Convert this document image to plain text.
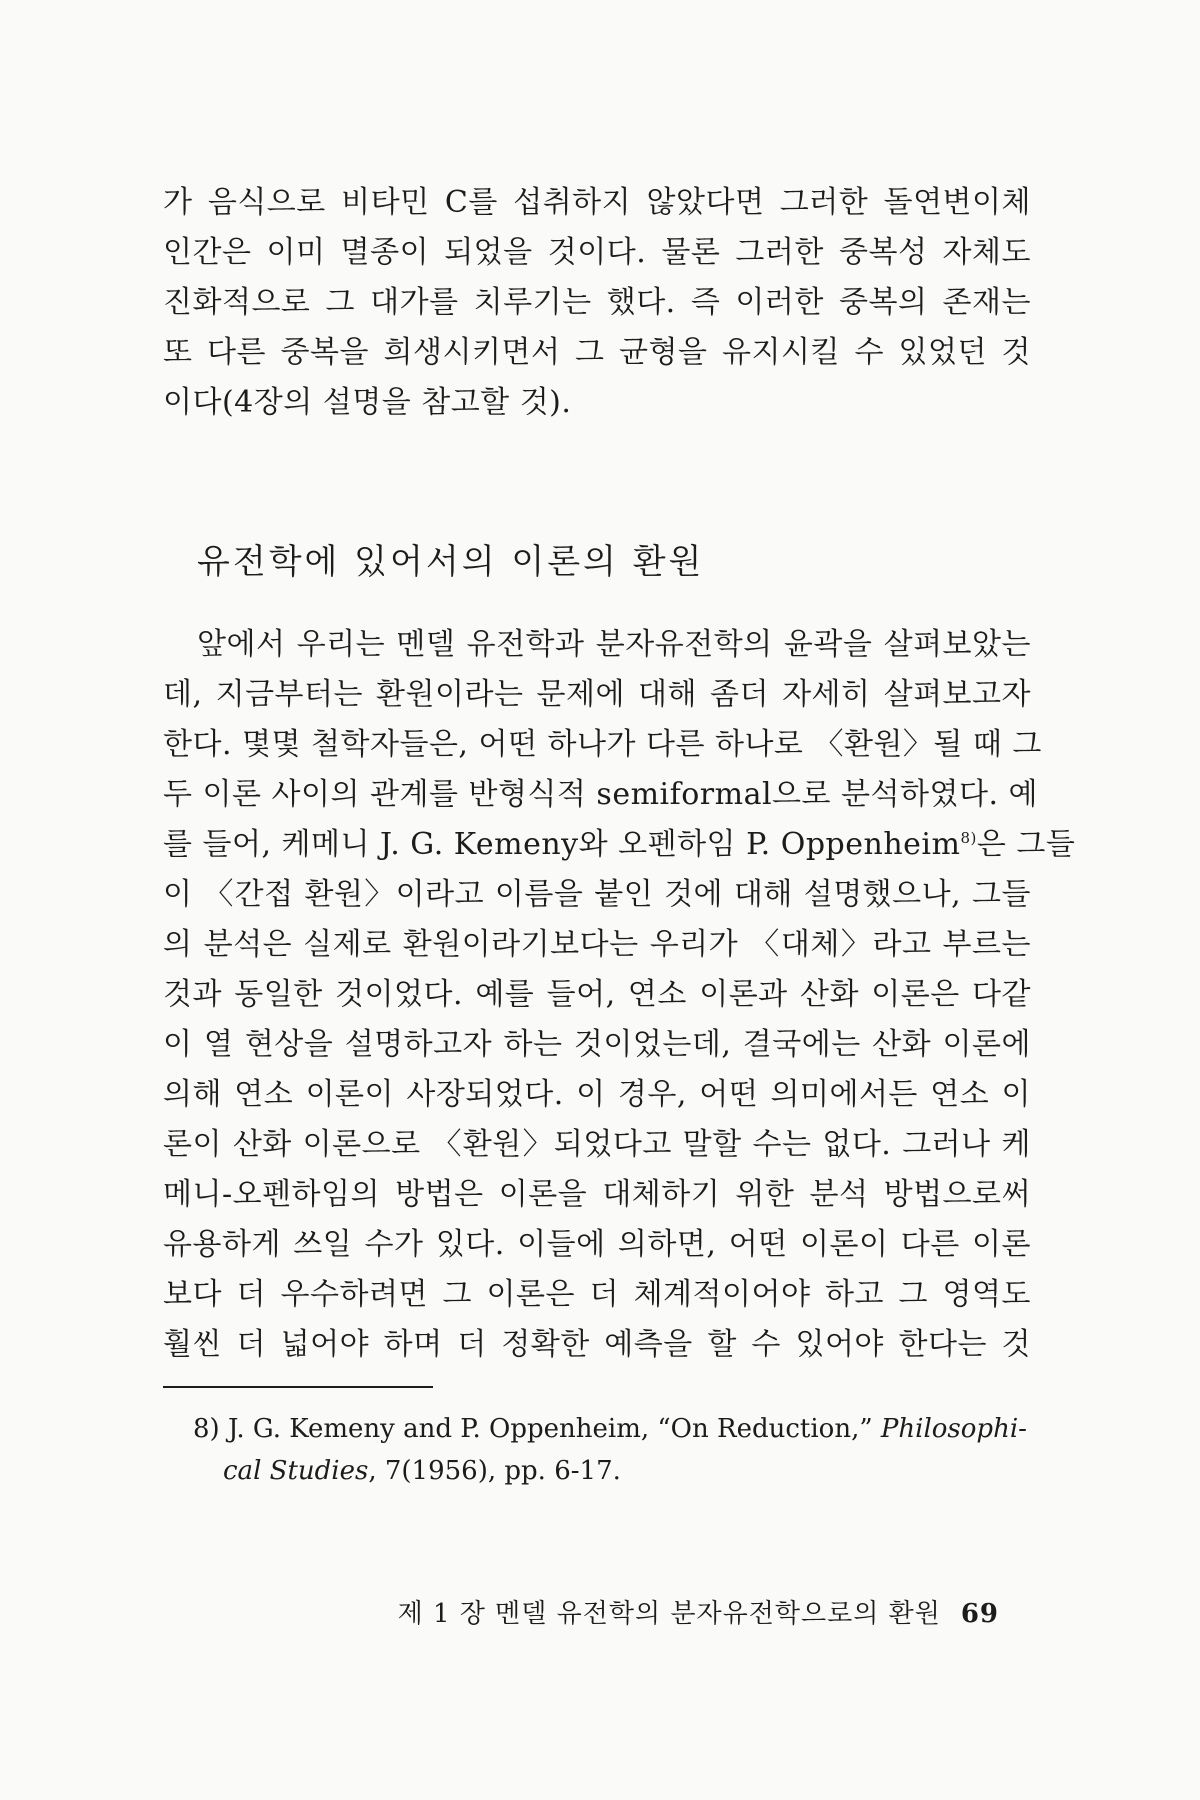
가 음식으로 비타민 C를 섭취하지 않았다면 그러한 돌연변이체
인간은 이미 멸종이 되었을 것이다. 물론 그러한 중복성 자체도
진화적으로 그 대가를 치루기는 했다. 즉 이러한 중복의 존재는
또 다른 중복을 희생시키면서 그 균형을 유지시킬 수 있었던 것
이다(4장의 설명을 참고할 것).
유전학에 있어서의 이론의 환원
앞에서 우리는 멘델 유전학과 분자유전학의 윤곽을 살펴보았는
데, 지금부터는 환원이라는 문제에 대해 좀더 자세히 살펴보고자
한다. 몇몇 철학자들은, 어떤 하나가 다른 하나로 〈환원〉될 때 그
두 이론 사이의 관계를 반형식적 semiformal으로 분석하였다. 예
를 들어, 케메니 J. G. Kemeny와 오펜하임 P. Oppenheim$^{8)}$은 그들
이 〈간접 환원〉이라고 이름을 붙인 것에 대해 설명했으나, 그들
의 분석은 실제로 환원이라기보다는 우리가 〈대체〉라고 부르는
것과 동일한 것이었다. 예를 들어, 연소 이론과 산화 이론은 다같
이 열 현상을 설명하고자 하는 것이었는데, 결국에는 산화 이론에
의해 연소 이론이 사장되었다. 이 경우, 어떤 의미에서든 연소 이
론이 산화 이론으로 〈환원〉되었다고 말할 수는 없다. 그러나 케
메니-오펜하임의 방법은 이론을 대체하기 위한 분석 방법으로써
유용하게 쓰일 수가 있다. 이들에 의하면, 어떤 이론이 다른 이론
보다 더 우수하려면 그 이론은 더 체계적이어야 하고 그 영역도
훨씬 더 넓어야 하며 더 정확한 예측을 할 수 있어야 한다는 것
8) J. G. Kemeny and P. Oppenheim, “On Reduction,” Philosophi-
cal Studies, 7(1956), pp. 6-17.
제 1 장 멘델 유전학의 분자유전학으로의 환원 69
